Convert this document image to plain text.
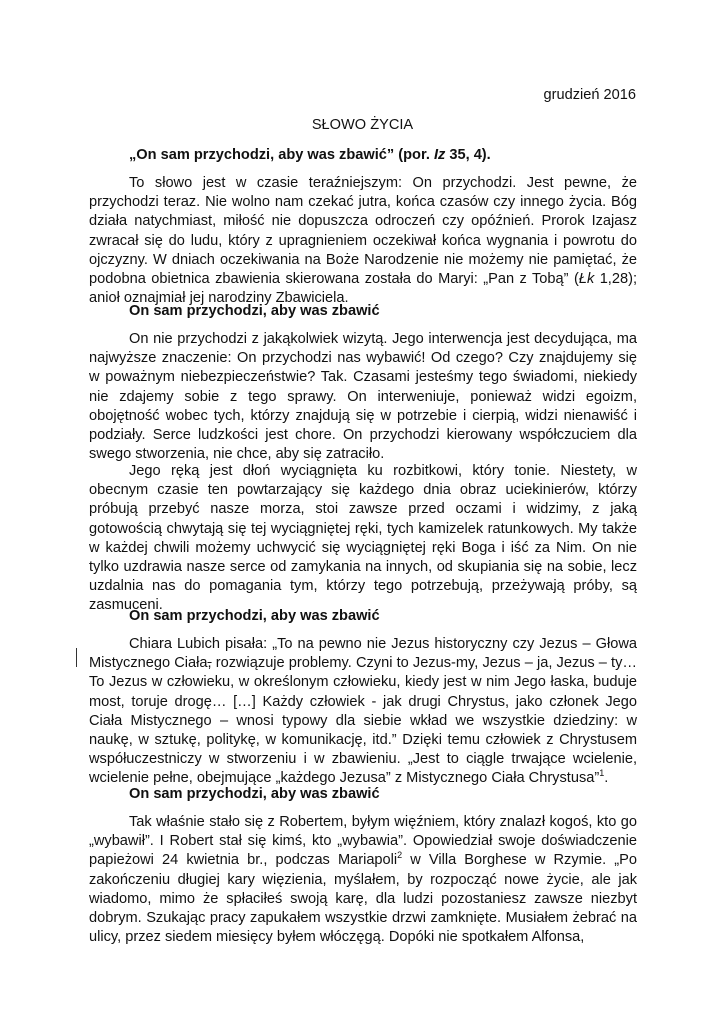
grudzień 2016
SŁOWO ŻYCIA
„On sam przychodzi, aby was zbawić” (por. Iz 35, 4).

To słowo jest w czasie teraźniejszym: On przychodzi. Jest pewne, że przychodzi teraz. Nie wolno nam czekać jutra, końca czasów czy innego życia. Bóg działa natychmiast, miłość nie dopuszcza odroczeń czy opóźnień. Prorok Izajasz zwracał się do ludu, który z upragnieniem oczekiwał końca wygnania i powrotu do ojczyzny. W dniach oczekiwania na Boże Narodzenie nie możemy nie pamiętać, że podobna obietnica zbawienia skierowana została do Maryi: „Pan z Tobą” (Łk 1,28); anioł oznajmiał jej narodziny Zbawiciela.

On sam przychodzi, aby was zbawić

On nie przychodzi z jakąkolwiek wizytą. Jego interwencja jest decydująca, ma najwyższe znaczenie: On przychodzi nas wybawić! Od czego? Czy znajdujemy się w poważnym niebezpieczeństwie? Tak. Czasami jesteśmy tego świadomi, niekiedy nie zdajemy sobie z tego sprawy. On interweniuje, ponieważ widzi egoizm, obojętność wobec tych, którzy znajdują się w potrzebie i cierpią, widzi nienawiść i podziały. Serce ludzkości jest chore. On przychodzi kierowany współczuciem dla swego stworzenia, nie chce, aby się zatraciło.

Jego ręką jest dłoń wyciągnięta ku rozbitkowi, który tonie. Niestety, w obecnym czasie ten powtarzający się każdego dnia obraz uciekinierów, którzy próbują przebyć nasze morza, stoi zawsze przed oczami i widzimy, z jaką gotowością chwytają się tej wyciągniętej ręki, tych kamizelek ratunkowych. My także w każdej chwili możemy uchwycić się wyciągniętej ręki Boga i iść za Nim. On nie tylko uzdrawia nasze serce od zamykania na innych, od skupiania się na sobie, lecz uzdalnia nas do pomagania tym, którzy tego potrzebują, przeżywają próby, są zasmuceni.

On sam przychodzi, aby was zbawić

Chiara Lubich pisała: „To na pewno nie Jezus historyczny czy Jezus – Głowa Mistycznego Ciała, rozwiązuje problemy. Czyni to Jezus-my, Jezus – ja, Jezus – ty… To Jezus w człowieku, w określonym człowieku, kiedy jest w nim Jego łaska, buduje most, toruje drogę… […] Każdy człowiek - jak drugi Chrystus, jako członek Jego Ciała Mistycznego – wnosi typowy dla siebie wkład we wszystkie dziedziny: w naukę, w sztukę, politykę, w komunikację, itd.” Dzięki temu człowiek z Chrystusem współuczestniczy w stworzeniu i w zbawieniu. „Jest to ciągle trwające wcielenie, wcielenie pełne, obejmujące „każdego Jezusa” z Mistycznego Ciała Chrystusa”$^1$.

On sam przychodzi, aby was zbawić

Tak właśnie stało się z Robertem, byłym więźniem, który znalazł kogoś, kto go „wybawił”. I Robert stał się kimś, kto „wybawia”. Opowiedział swoje doświadczenie papieżowi 24 kwietnia br., podczas Mariapoli$^2$ w Villa Borghese w Rzymie. „Po zakończeniu długiej kary więzienia, myślałem, by rozpocząć nowe życie, ale jak wiadomo, mimo że spłaciłeś swoją karę, dla ludzi pozostaniesz zawsze niezbyt dobrym. Szukając pracy zapukałem wszystkie drzwi zamknięte. Musiałem żebrać na ulicy, przez siedem miesięcy byłem włóczęgą. Dopóki nie spotkałem Alfonsa,
